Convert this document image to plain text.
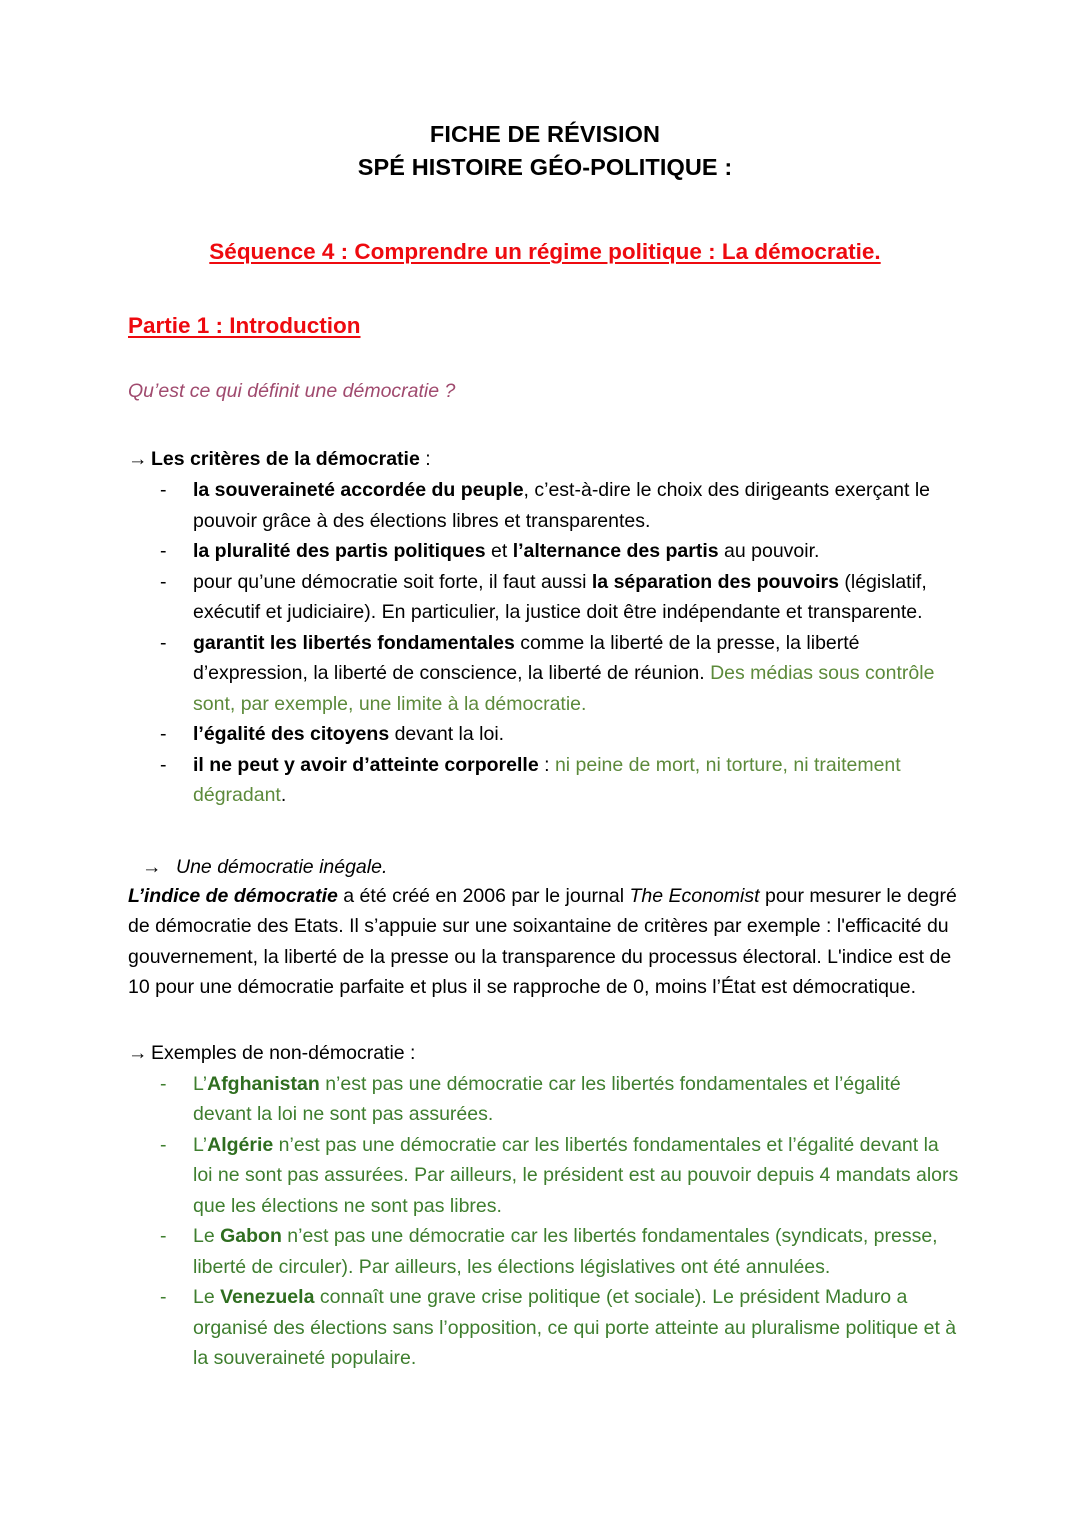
FICHE DE RÉVISION
SPÉ HISTOIRE GÉO-POLITIQUE :
Séquence 4 : Comprendre un régime politique : La démocratie.
Partie 1 : Introduction
Qu’est ce qui définit une démocratie ?
→ Les critères de la démocratie :
- la souveraineté accordée du peuple, c’est-à-dire le choix des dirigeants exerçant le pouvoir grâce à des élections libres et transparentes.
- la pluralité des partis politiques et l’alternance des partis au pouvoir.
- pour qu’une démocratie soit forte, il faut aussi la séparation des pouvoirs (législatif, exécutif et judiciaire). En particulier, la justice doit être indépendante et transparente.
- garantit les libertés fondamentales comme la liberté de la presse, la liberté d’expression, la liberté de conscience, la liberté de réunion. Des médias sous contrôle sont, par exemple, une limite à la démocratie.
- l’égalité des citoyens devant la loi.
- il ne peut y avoir d’atteinte corporelle : ni peine de mort, ni torture, ni traitement dégradant.
→ Une démocratie inégale.

L’indice de démocratie a été créé en 2006 par le journal The Economist pour mesurer le degré de démocratie des Etats. Il s’appuie sur une soixantaine de critères par exemple : l'efficacité du gouvernement, la liberté de la presse ou la transparence du processus électoral. L'indice est de 10 pour une démocratie parfaite et plus il se rapproche de 0, moins l’État est démocratique.

→ Exemples de non-démocratie :
- L’Afghanistan n’est pas une démocratie car les libertés fondamentales et l’égalité devant la loi ne sont pas assurées.
- L’Algérie n’est pas une démocratie car les libertés fondamentales et l’égalité devant la loi ne sont pas assurées. Par ailleurs, le président est au pouvoir depuis 4 mandats alors que les élections ne sont pas libres.
- Le Gabon n’est pas une démocratie car les libertés fondamentales (syndicats, presse, liberté de circuler). Par ailleurs, les élections législatives ont été annulées.
- Le Venezuela connaît une grave crise politique (et sociale). Le président Maduro a organisé des élections sans l’opposition, ce qui porte atteinte au pluralisme politique et à la souveraineté populaire.
